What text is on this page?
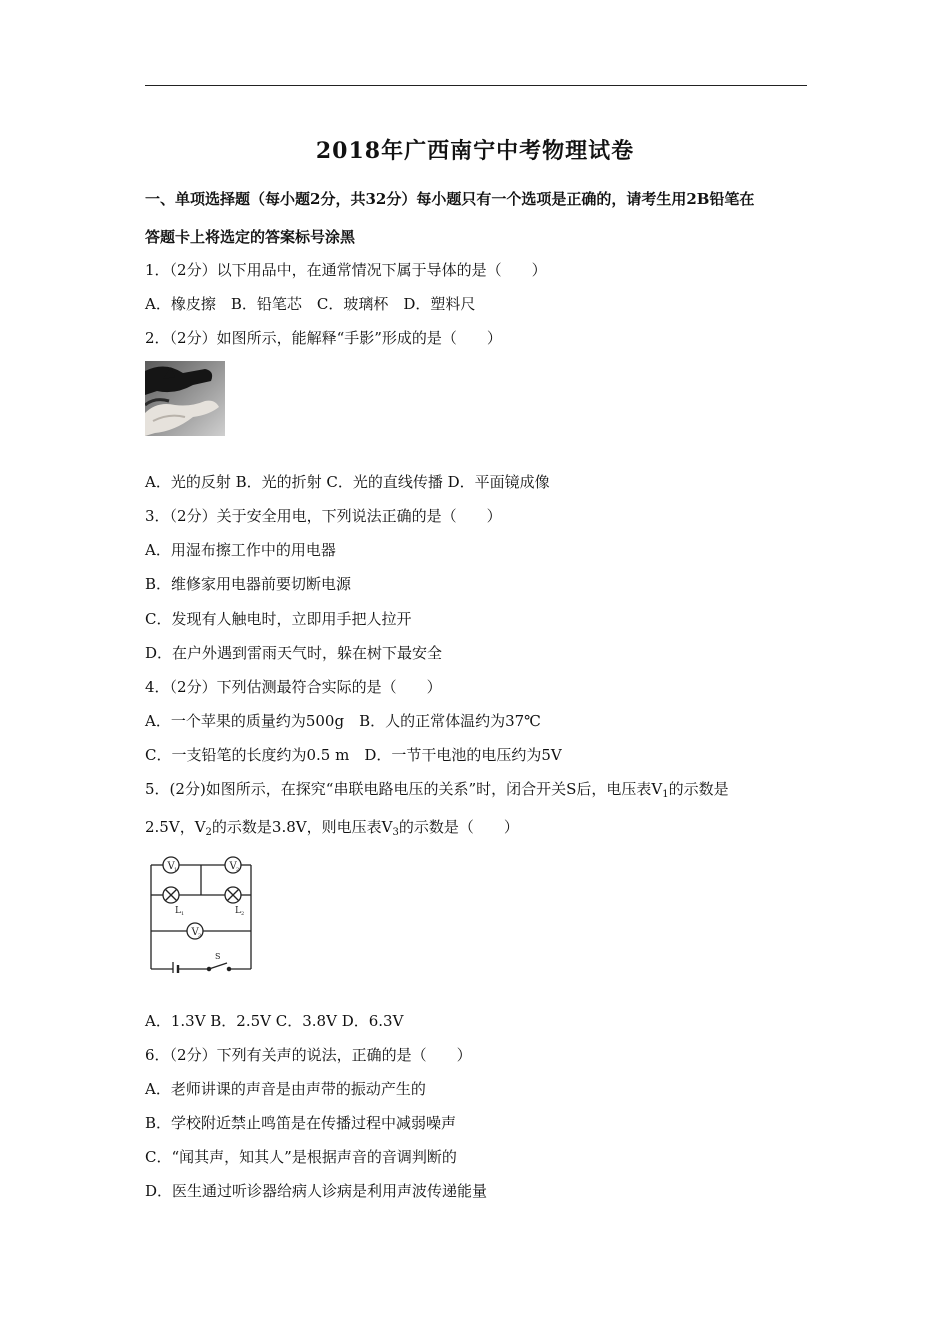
2018年广西南宁中考物理试卷
一、单项选择题（每小题2分，共32分）每小题只有一个选项是正确的，请考生用2B铅笔在
答题卡上将选定的答案标号涂黑
1．（2分）以下用品中，在通常情况下属于导体的是（　　）
A．橡皮擦　B．铅笔芯　C．玻璃杯　D．塑料尺
2．（2分）如图所示，能解释“手影”形成的是（　　）
A．光的反射 B．光的折射 C．光的直线传播 D．平面镜成像
3．（2分）关于安全用电，下列说法正确的是（　　）
A．用湿布擦工作中的用电器
B．维修家用电器前要切断电源
C．发现有人触电时，立即用手把人拉开
D．在户外遇到雷雨天气时，躲在树下最安全
4．（2分）下列估测最符合实际的是（　　）
A．一个苹果的质量约为500g　B．人的正常体温约为37℃
C．一支铅笔的长度约为0.5 m　D．一节干电池的电压约为5V
5．(2分)如图所示，在探究“串联电路电压的关系”时，闭合开关S后，电压表$V_1$的示数是
2.5V，$V_2$的示数是3.8V，则电压表$V_3$的示数是（　　）
V 1	V 2
L 1	L 2
V 3
S
A．1.3V B．2.5V C．3.8V D．6.3V
6．（2分）下列有关声的说法，正确的是（　　）
A．老师讲课的声音是由声带的振动产生的
B．学校附近禁止鸣笛是在传播过程中减弱噪声
C．“闻其声，知其人”是根据声音的音调判断的
D．医生通过听诊器给病人诊病是利用声波传递能量
